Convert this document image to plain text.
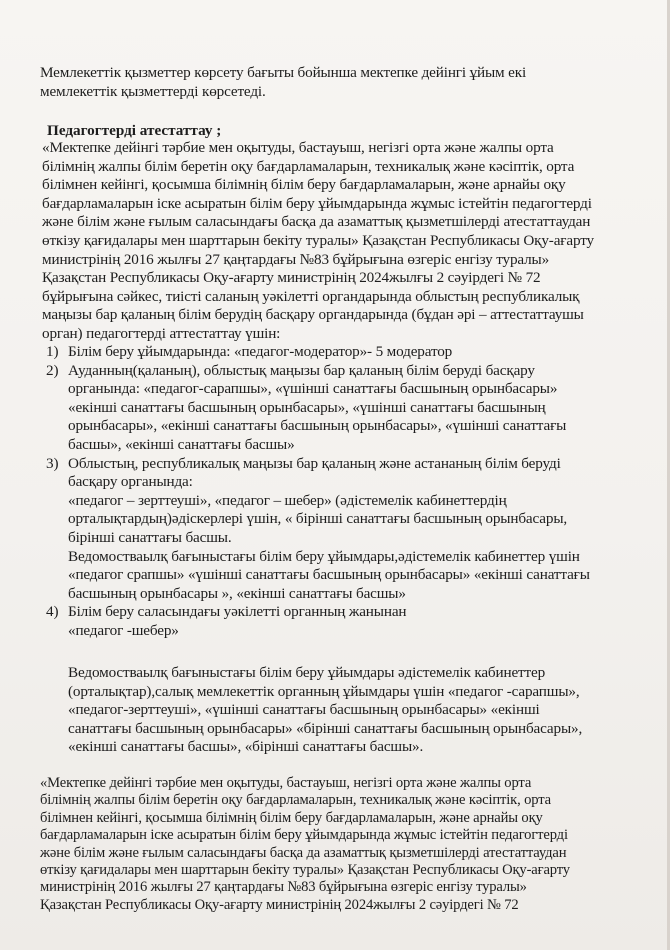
Мемлекеттік қызметтер көрсету бағыты бойынша мектепке дейінгі ұйым екі

мемлекеттік қызметтерді көрсетеді.

Педагогтерді атестаттау ;

«Мектепке дейінгі тәрбие мен оқытуды, бастауыш, негізгі орта және жалпы орта

білімнің жалпы білім беретін оқу бағдарламаларын, техникалық және кәсіптік, орта

білімнен кейінгі, қосымша білімнің білім беру бағдарламаларын, және арнайы оқу

бағдарламаларын іске асыратын білім беру ұйымдарында жұмыс істейтін педагогтерді

және білім және ғылым саласындағы басқа да азаматтық қызметшілерді атестаттаудан

өткізу қағидалары мен шарттарын бекіту туралы» Қазақстан Республикасы Оқу-ағарту

министрінің 2016 жылғы 27 қаңтардағы №83 бұйрығына өзгеріс енгізу туралы»

Қазақстан Республикасы Оқу-ағарту министрінің 2024жылғы 2 сәуірдегі № 72

бұйрығына сәйкес, тиісті саланың уәкілетті органдарында облыстың республикалық

маңызы бар қаланың білім берудің басқару органдарында (бұдан әрі – аттестаттаушы

орган) педагогтерді аттестаттау үшін:

1) Білім беру ұйымдарында: «педагог-модератор»- 5 модератор

2) Ауданның(қаланың), облыстық маңызы бар қаланың білім беруді басқару

органында: «педагог-сарапшы», «үшінші санаттағы басшының орынбасары»

«екінші санаттағы басшының орынбасары», «үшінші санаттағы басшының

орынбасары», «екінші санаттағы басшының орынбасары», «үшінші санаттағы

басшы», «екінші санаттағы басшы»

3) Облыстың, республикалық маңызы бар қаланың және астананың білім беруді

басқару органында:

«педагог – зерттеуші», «педагог – шебер» (әдістемелік кабинеттердің

орталықтардың)әдіскерлері үшін, « бірінші санаттағы басшының орынбасары,

бірінші санаттағы басшы.

Ведомостваылқ бағыныстағы білім беру ұйымдары,әдістемелік кабинеттер үшін

«педагог срапшы» «үшінші санаттағы басшының орынбасары» «екінші санаттағы

басшының орынбасары », «екінші санаттағы басшы»

4) Білім беру саласындағы уәкілетті органның жанынан

«педагог -шебер»

Ведомостваылқ бағыныстағы білім беру ұйымдары әдістемелік кабинеттер

(орталықтар),салық мемлекеттік органның ұйымдары үшін «педагог -сарапшы»,

«педагог-зерттеуші», «үшінші санаттағы басшының орынбасары» «екінші

санаттағы басшының орынбасары» «бірінші санаттағы басшының орынбасары»,

«екінші санаттағы басшы», «бірінші санаттағы басшы».

«Мектепке дейінгі тәрбие мен оқытуды, бастауыш, негізгі орта және жалпы орта

білімнің жалпы білім беретін оқу бағдарламаларын, техникалық және кәсіптік, орта

білімнен кейінгі, қосымша білімнің білім беру бағдарламаларын, және арнайы оқу

бағдарламаларын іске асыратын білім беру ұйымдарында жұмыс істейтін педагогтерді

және білім және ғылым саласындағы басқа да азаматтық қызметшілерді атестаттаудан

өткізу қағидалары мен шарттарын бекіту туралы» Қазақстан Республикасы Оқу-ағарту

министрінің 2016 жылғы 27 қаңтардағы №83 бұйрығына өзгеріс енгізу туралы»

Қазақстан Республикасы Оқу-ағарту министрінің 2024жылғы 2 сәуірдегі № 72
